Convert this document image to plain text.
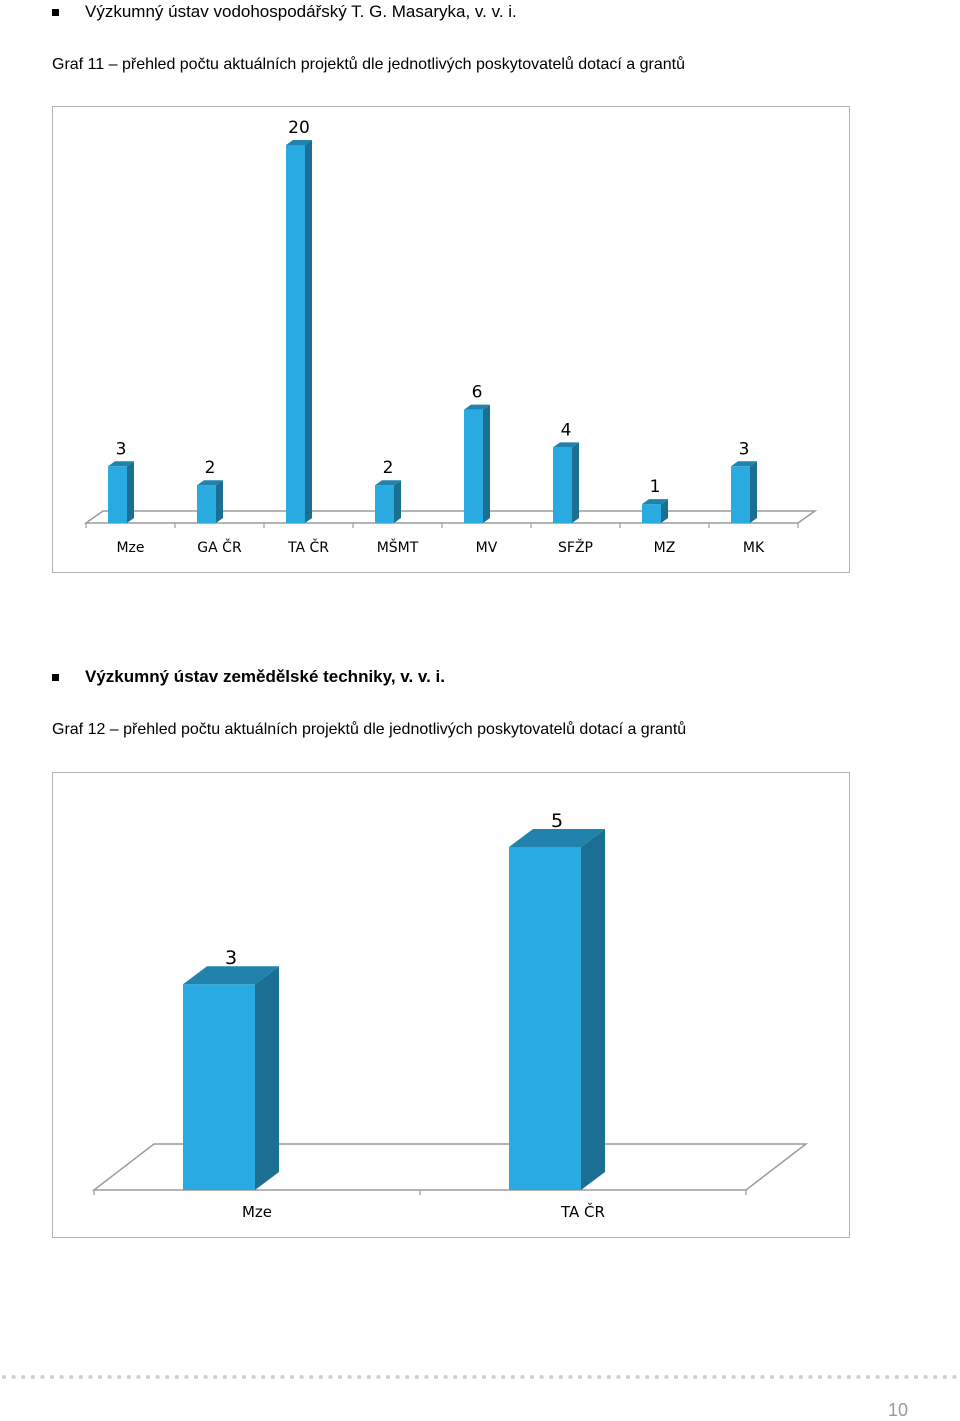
Výzkumný ústav vodohospodářský T. G. Masaryka, v. v. i.
Graf 11 – přehled počtu aktuálních projektů dle jednotlivých poskytovatelů dotací a grantů
3
Mze
2
GA ČR
20
TA ČR
2
MŠMT
6
MV
4
SFŽP
1
MZ
3
MK
Výzkumný ústav zemědělské techniky, v. v. i.
Graf 12 – přehled počtu aktuálních projektů dle jednotlivých poskytovatelů dotací a grantů
3
Mze
5
TA ČR
10
